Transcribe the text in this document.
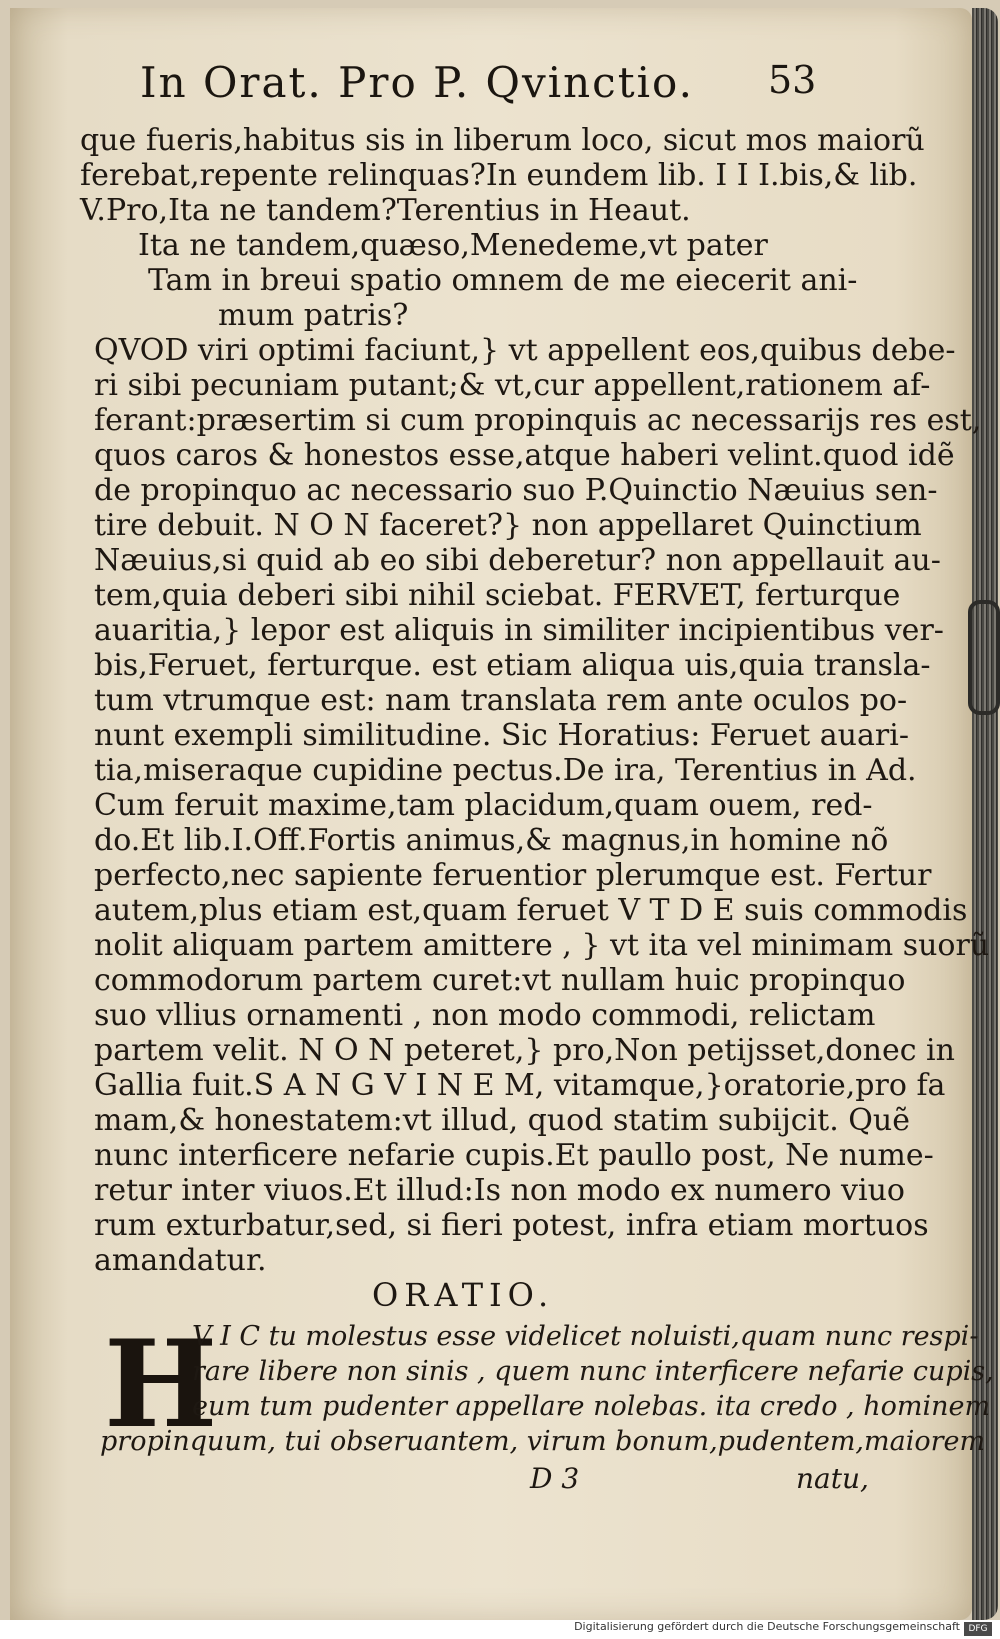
In Orat. Pro P. Qvinctio.	53
que fueris,habitus sis in liberum loco, sicut mos maiorũ
ferebat,repente relinquas?In eundem lib. I I I.bis,& lib.
V.Pro,Ita ne tandem?Terentius in Heaut.
Ita ne tandem,quæso,Menedeme,vt pater
Tam in breui spatio omnem de me eiecerit ani-
mum patris?
QVOD viri optimi faciunt,} vt appellent eos,quibus debe-
ri sibi pecuniam putant;& vt,cur appellent,rationem af-
ferant:præsertim si cum propinquis ac necessarijs res est,
quos caros & honestos esse,atque haberi velint.quod idẽ
de propinquo ac necessario suo P.Quinctio Næuius sen-
tire debuit. N O N faceret?} non appellaret Quinctium
Næuius,si quid ab eo sibi deberetur? non appellauit au-
tem,quia deberi sibi nihil sciebat. FERVET, ferturque
auaritia,} lepor est aliquis in similiter incipientibus ver-
bis,Feruet, ferturque. est etiam aliqua uis,quia transla-
tum vtrumque est: nam translata rem ante oculos po-
nunt exempli similitudine. Sic Horatius: Feruet auari-
tia,miseraque cupidine pectus.De ira, Terentius in Ad.
Cum feruit maxime,tam placidum,quam ouem, red-
do.Et lib.I.Off.Fortis animus,& magnus,in homine nõ
perfecto,nec sapiente feruentior plerumque est. Fertur
autem,plus etiam est,quam feruet V T D E suis commodis
nolit aliquam partem amittere , } vt ita vel minimam suorũ
commodorum partem curet:vt nullam huic propinquo
suo vllius ornamenti , non modo commodi, relictam
partem velit. N O N peteret,} pro,Non petijsset,donec in
Gallia fuit.S A N G V I N E M, vitamque,}oratorie,pro fa
mam,& honestatem:vt illud, quod statim subijcit. Quẽ
nunc interficere nefarie cupis.Et paullo post, Ne nume-
retur inter viuos.Et illud:Is non modo ex numero viuo
rum exturbatur,sed, si fieri potest, infra etiam mortuos
amandatur.
ORATIO.
H
V I C tu molestus esse videlicet noluisti,quam nunc respi-
rare libere non sinis , quem nunc interficere nefarie cupis,
eum tum pudenter appellare nolebas. ita credo , hominem
propinquum, tui obseruantem, virum bonum,pudentem,maiorem
D 3	natu,
Digitalisierung gefördert durch die Deutsche Forschungsgemeinschaft DFG
